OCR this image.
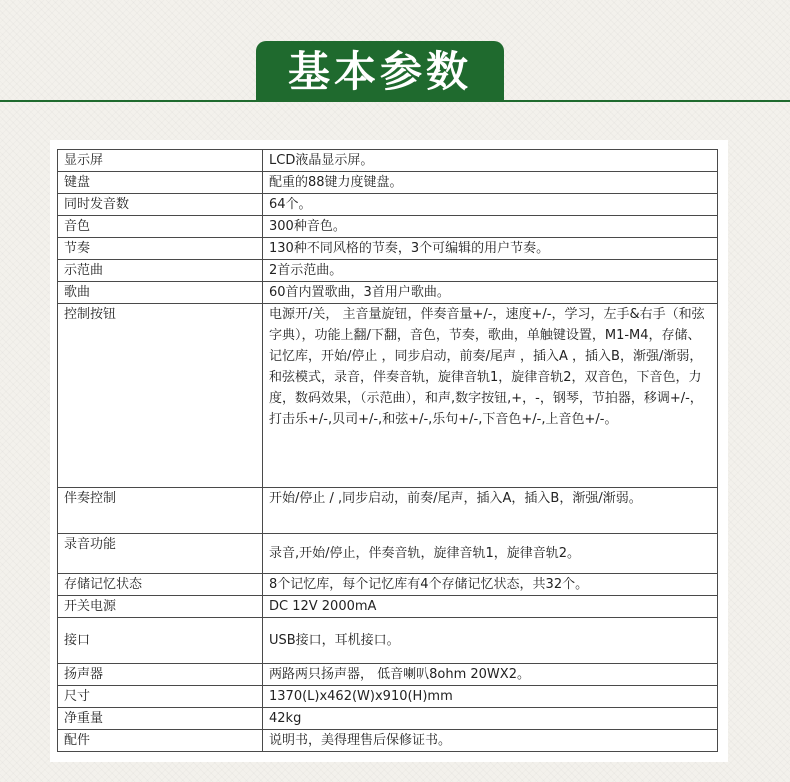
基本参数
显示屏	LCD液晶显示屏。
键盘	配重的88键力度键盘。
同时发音数	64个。
音色	300种音色。
节奏	130种不同风格的节奏，3个可编辑的用户节奏。
示范曲	2首示范曲。
歌曲	60首内置歌曲，3首用户歌曲。
控制按钮	电源开/关， 主音量旋钮，伴奏音量+/-，速度+/-，学习，左手&右手（和弦字典），功能上翻/下翻，音色，节奏，歌曲，单触键设置，M1-M4，存储、记忆库，开始/停止 ，同步启动，前奏/尾声 ，插入A ，插入B，渐强/渐弱，和弦模式，录音，伴奏音轨，旋律音轨1，旋律音轨2，双音色，下音色，力度，数码效果，（示范曲），和声,数字按钮,+，-，钢琴，节拍器，移调+/-，打击乐+/-,贝司+/-,和弦+/-,乐句+/-,下音色+/-,上音色+/-。
伴奏控制	开始/停止 / ,同步启动，前奏/尾声，插入A，插入B，渐强/渐弱。
录音功能	录音,开始/停止，伴奏音轨，旋律音轨1，旋律音轨2。
存储记忆状态	8个记忆库，每个记忆库有4个存储记忆状态，共32个。
开关电源	DC 12V 2000mA
接口	USB接口，耳机接口。
扬声器	两路两只扬声器， 低音喇叭8ohm 20WX2。
尺寸	1370(L)x462(W)x910(H)mm
净重量	42kg
配件	说明书，美得理售后保修证书。
